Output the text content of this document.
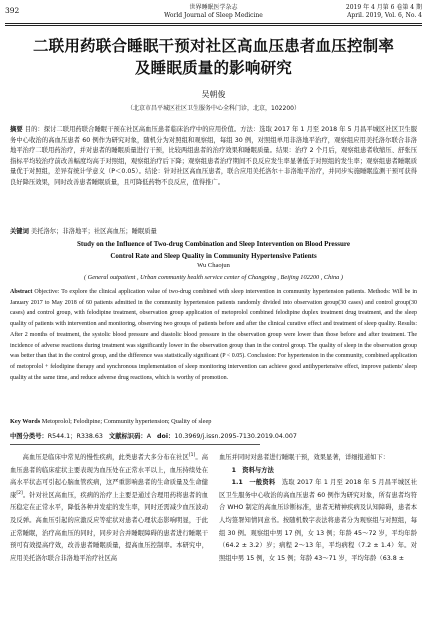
392	世界睡眠医学杂志
World Journal of Sleep Medicine
2019 年 4 月第 6 卷第 4 期
April. 2019, Vol. 6, No. 4
二联用药联合睡眠干预对社区高血压患者血压控制率
及睡眠质量的影响研究
吴朝俊
（北京市昌平城区社区卫生服务中心全科门诊，北京，102200）
摘要 目的：探讨二联用药联合睡眠干预在社区高血压患者临床治疗中的应用价值。方法：选取 2017 年 1 月至 2018 年 5 月昌平城区社区卫生服务中心收治的高血压患者 60 例作为研究对象，随机分为对照组和观察组，每组 30 例，对照组单用非洛地平治疗，观察组应用美托洛尔联合非洛地平治疗二联用药治疗，并对患者的睡眠质量进行干预，比较两组患者的治疗效果和睡眠质量。结果：治疗 2 个月后，观察组患者收缩压、舒张压指标平均较治疗前改善幅度均高于对照组，观察组治疗后下降；观察组患者治疗期间不良反应发生率显著低于对照组的发生率；观察组患者睡眠质量优于对照组，差异有统计学意义（P＜0.05）。结论：针对社区高血压患者，联合应用美托洛尔＋非洛地平治疗，并同步实施睡眠监测干预可获得良好降压效果，同时改善患者睡眠质量，且可降低药物不良反应，值得推广。
关键词 美托洛尔；非洛地平；社区高血压；睡眠质量
Study on the Influence of Two-drug Combination and Sleep Intervention on Blood Pressure
Control Rate and Sleep Quality in Community Hypertensive Patients
Wu Chaojun
( General outpatient , Urban community health service center of Changping , Beijing 102200 , China )
Abstract Objective: To explore the clinical application value of two-drug combined with sleep intervention in community hypertension patients. Methods: Will be in January 2017 to May 2018 of 60 patients admitted in the community hypertension patients randomly divided into observation group(30 cases) and control group(30 cases) and control group, with felodipine treatment, observation group application of metoprolol combined felodipine duplex treatment drug treatment, and the sleep quality of patients with intervention and monitoring, observing two groups of patients before and after the clinical curative effect and treatment of sleep quality. Results: After 2 months of treatment, the systolic blood pressure and diastolic blood pressure in the observation group were lower than those before and after treatment. The incidence of adverse reactions during treatment was significantly lower in the observation group than in the control group. The quality of sleep in the observation group was better than that in the control group, and the difference was statistically significant (P < 0.05). Conclusion: For hypertension in the community, combined application of metoprolol + felodipine therapy and synchronous implementation of sleep monitoring intervention can achieve good antihypertensive effect, improve patients' sleep quality at the same time, and reduce adverse drug reactions, which is worthy of promotion.
Key Words Metoprolol; Felodipine; Community hypertension; Quality of sleep
中图分类号：R544.1；R338.63 文献标识码：A doi：10.3969/j.issn.2095-7130.2019.04.007

高血压是临床中常见的慢性疾病，此类患者大多分布在社区[1]。高血压患者的临床症状主要表现为血压处在正常水平以上，血压持续处在高水平状态可引起心脑血管疾病，这严重影响患者的生命质量及生命健康[2]。针对社区高血压，疾病的治疗上主要是通过合理用药将患者的血压稳定在正常水平，降低各种并发症的发生率，同时还需减少血压波动及反弹。高血压引起的应激反应等症状对患者心理状态影响明显，于此正常睡眠，治疗高血压的同时，同步对合并睡眠障碍的患者进行睡眠干预可有效提高疗效，改善患者睡眠质量，提高血压控制率。本研究中，应用美托洛尔联合非洛地平治疗社区高

血压并同时对患者进行睡眠干预，效果显著，详细报道如下：

1　资料与方法

1.1　一般资料　 选取 2017 年 1 月至 2018 年 5 月昌平城区社区卫生服务中心收治的高血压患者 60 例作为研究对象，所有患者均符合 WHO 制定的高血压诊断标准，患者无精神疾病及认知障碍，患者本人均签署知情同意书。按随机数字表法将患者分为观察组与对照组，每组 30 例。观察组中男 17 例，女 13 例；年龄 45～72 岁，平均年龄（64.2 ± 3.2）岁；病程 2～13 年，平均病程（7.2 ± 1.4）年。对照组中男 15 例，女 15 例；年龄 43～71 岁，平均年龄（63.8 ±
